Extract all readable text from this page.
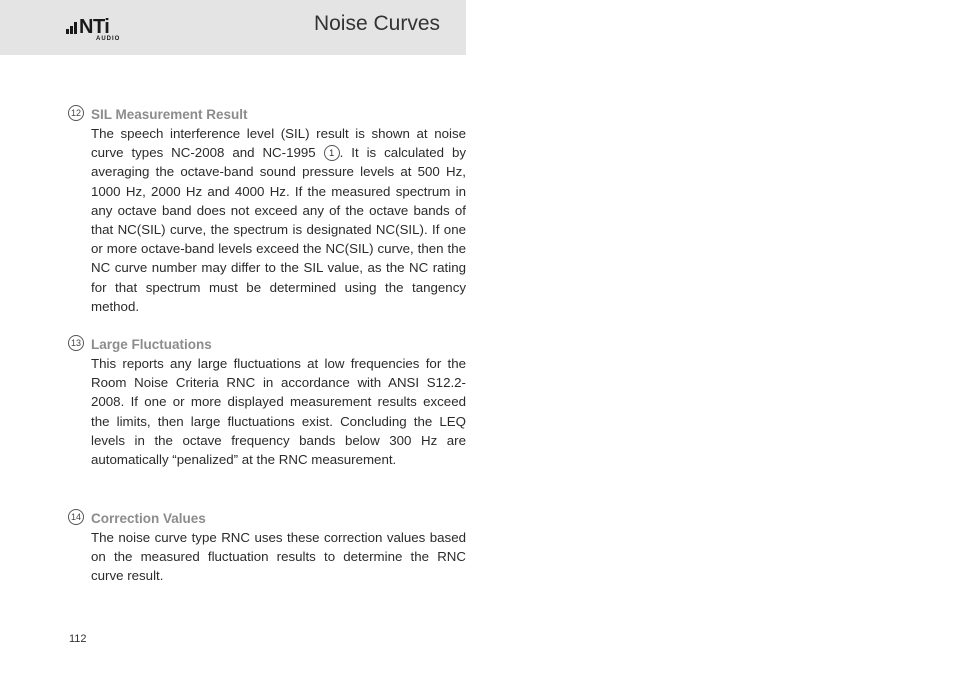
NTi
AUDIO
Noise Curves
12 SIL Measurement Result

The speech interference level (SIL) result is shown at noise curve types NC-2008 and NC-1995 1 . It is calculated by averaging the octave-band sound pressure levels at 500 Hz, 1000 Hz, 2000 Hz and 4000 Hz. If the measured spectrum in any octave band does not exceed any of the octave bands of that NC(SIL) curve, the spectrum is designated NC(SIL). If one or more octave-band levels exceed the NC(SIL) curve, then the NC curve number may differ to the SIL value, as the NC rating for that spectrum must be determined using the tangency method.

13 Large Fluctuations

This reports any large fluctuations at low frequencies for the Room Noise Criteria RNC in accordance with ANSI S12.2-2008. If one or more displayed measurement results exceed the limits, then large fluctuations exist. Concluding the LEQ levels in the octave frequency bands below 300 Hz are automatically “penalized” at the RNC measurement.

14 Correction Values

The noise curve type RNC uses these correction values based on the measured fluctuation results to determine the RNC curve result.

112
